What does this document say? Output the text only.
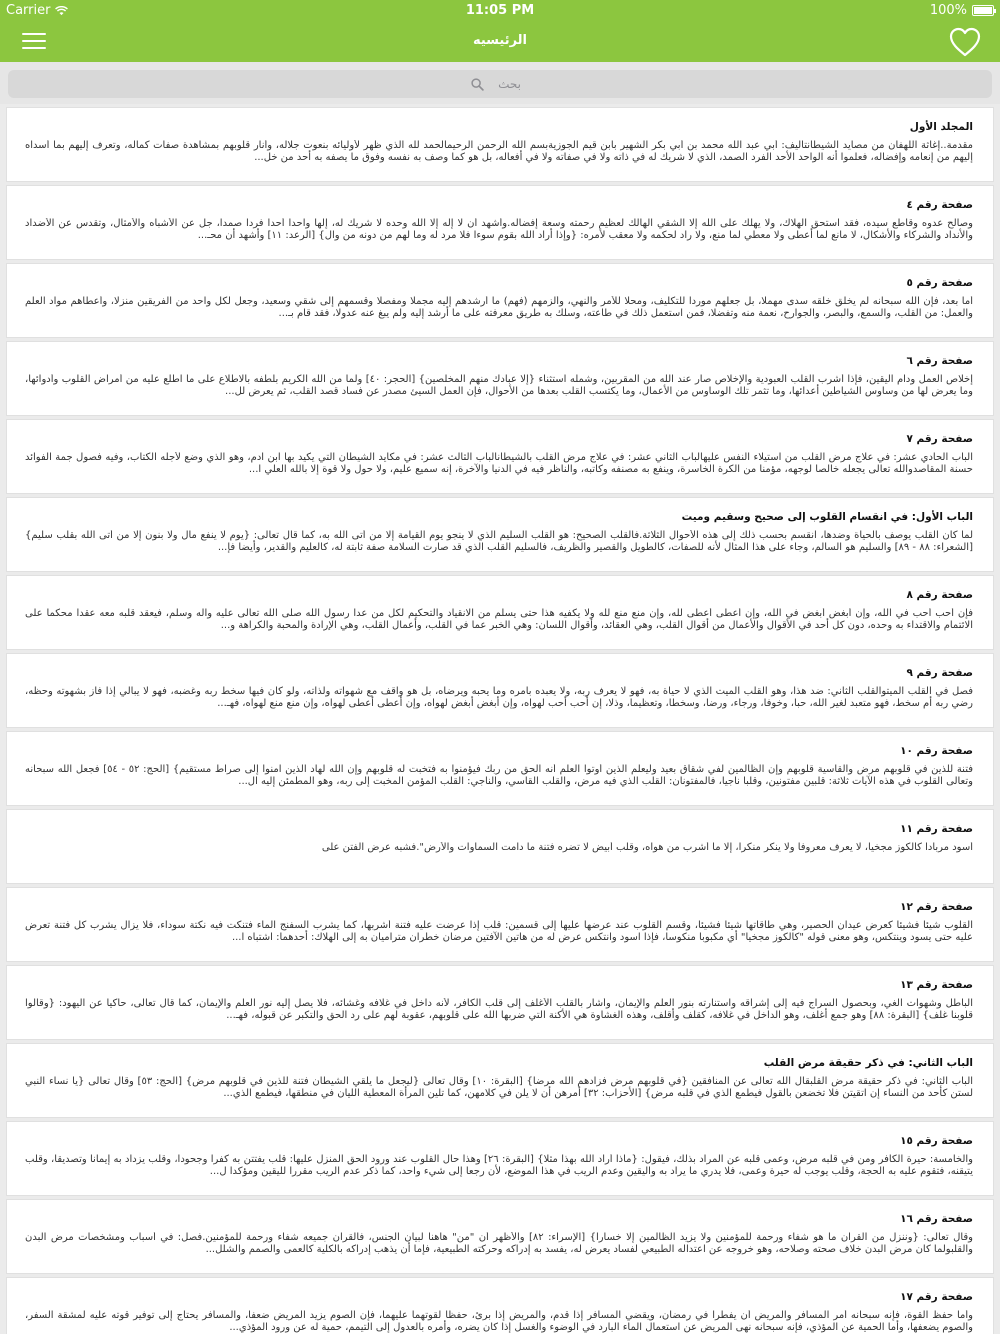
Carrier	11:05 PM	100%
الرئيسيه
بحث
المجلد الأول
مقدمة..إغاثة اللهفان من مصايد الشيطانتأليف: أبي عبد الله محمد بن أبي بكر الشهير بابن قيم الجوزيةبسم الله الرحمن الرحيمالحمد لله الذي ظهر لأوليائه بنعوت جلاله، وأنار قلوبهم بمشاهدة صفات كماله، وتعرف إليهم بما أسداه إليهم من إنعامه وإفضاله، فعلموا أنه الواحد الأحد الفرد الصمد، الذي لا شريك له في ذاته ولا في صفاته ولا في أفعاله، بل هو كما وصف به نفسه وفوق ما يصفه به أحد من خل...
صفحة رقم ٤
وصالح عدوه وقاطع سيده، فقد استحق الهلاك، ولا يهلك على الله إلا الشقي الهالك لعظيم رحمته وسعة إفضاله.وأشهد أن لا إله إلا الله وحده لا شريك له، إلها واحدا أحدا فردا صمدا، جل عن الأشباه والأمثال، وتقدس عن الأضداد والأنداد والشركاء والأشكال، لا مانع لما أعطى ولا معطي لما منع، ولا راد لحكمه ولا معقب لأمره: {وإذا أراد الله بقوم سوءا فلا مرد له وما لهم من دونه من وال} [الرعد: ١١] وأشهد أن محـ...
صفحة رقم ٥
أما بعد، فإن الله سبحانه لم يخلق خلقه سدى مهملا، بل جعلهم موردا للتكليف، ومحلا للأمر والنهي، وألزمهم (فهم) ما أرشدهم إليه مجملا ومفصلا وقسمهم إلى شقي وسعيد، وجعل لكل واحد من الفريقين منزلا، وأعطاهم مواد العلم والعمل: من القلب، والسمع، والبصر، والجوارح، نعمة منه وتفضلا، فمن استعمل ذلك في طاعته، وسلك به طريق معرفته على ما أرشد إليه ولم يبغ عنه عدولا، فقد قام بـ...
صفحة رقم ٦
إخلاص العمل ودام اليقين، فإذا أشرب القلب العبودية والإخلاص صار عند الله من المقربين، وشمله استثناء {إلا عبادك منهم المخلصين} [الحجر: ٤٠] ولما من الله الكريم بلطفه بالاطلاع على ما اطلع عليه من أمراض القلوب وأدوائها، وما يعرض لها من وساوس الشياطين أعدائها، وما تثمر تلك الوساوس من الأعمال، وما يكتسب القلب بعدها من الأحوال، فإن العمل السيئ مصدر عن فساد قصد القلب، ثم يعرض لل...
صفحة رقم ٧
الباب الحادي عشر: في علاج مرض القلب من استيلاء النفس عليهالباب الثاني عشر: في علاج مرض القلب بالشيطانالباب الثالث عشر: في مكايد الشيطان التي يكيد بها ابن آدم، وهو الذي وضع لأجله الكتاب، وفيه فصول جمة الفوائد حسنة المقاصدوالله تعالى يجعله خالصا لوجهه، مؤمنا من الكرة الخاسرة، وينفع به مصنفه وكاتبه، والناظر فيه في الدنيا والآخرة، إنه سميع عليم، ولا حول ولا قوة إلا بالله العلي ا...
الباب الأول: في انقسام القلوب إلى صحيح وسقيم وميت
لما كان القلب يوصف بالحياة وضدها، انقسم بحسب ذلك إلى هذه الأحوال الثلاثة.فالقلب الصحيح: هو القلب السليم الذي لا ينجو يوم القيامة إلا من أتى الله به، كما قال تعالى: {يوم لا ينفع مال ولا بنون إلا من أتى الله بقلب سليم} [الشعراء: ٨٨ - ٨٩] والسليم هو السالم، وجاء على هذا المثال لأنه للصفات، كالطويل والقصير والظريف، فالسليم القلب الذي قد صارت السلامة صفة ثابتة له، كالعليم والقدير، وأيضا فإ...
صفحة رقم ٨
فإن أحب أحب في الله، وإن أبغض أبغض في الله، وإن أعطى أعطى لله، وإن منع منع لله ولا يكفيه هذا حتى يسلم من الانقياد والتحكيم لكل من عدا رسول الله صلى الله تعالى عليه وآله وسلم، فيعقد قلبه معه عقدا محكما على الائتمام والاقتداء به وحده، دون كل أحد في الأقوال والأعمال من أقوال القلب، وهي العقائد، وأقوال اللسان: وهي الخبر عما في القلب، وأعمال القلب، وهي الإرادة والمحبة والكراهة و...
صفحة رقم ٩
فصل في القلب الميتوالقلب الثاني: ضد هذا، وهو القلب الميت الذي لا حياة به، فهو لا يعرف ربه، ولا يعبده بأمره وما يحبه ويرضاه، بل هو واقف مع شهواته ولذاته، ولو كان فيها سخط ربه وغضبه، فهو لا يبالي إذا فاز بشهوته وحظه، رضي ربه أم سخط، فهو متعبد لغير الله، حبا، وخوفا، ورجاء، ورضا، وسخطا، وتعظيما، وذلا، إن أحب أحب لهواه، وإن أبغض أبغض لهواه، وإن أعطى أعطى لهواه، وإن منع منع لهواه، فهـ...
صفحة رقم ١٠
فتنة للذين في قلوبهم مرض والقاسية قلوبهم وإن الظالمين لفي شقاق بعيد وليعلم الذين أوتوا العلم أنه الحق من ربك فيؤمنوا به فتخبت له قلوبهم وإن الله لهاد الذين آمنوا إلى صراط مستقيم} [الحج: ٥٢ - ٥٤] فجعل الله سبحانه وتعالى القلوب في هذه الآيات ثلاثة: قلبين مفتونين، وقلبا ناجيا، فالمفتونان: القلب الذي فيه مرض، والقلب القاسي، والناجي: القلب المؤمن المخبت إلى ربه، وهو المطمئن إليه ال...
صفحة رقم ١١
أسود مربادا كالكوز مجخيا، لا يعرف معروفا ولا ينكر منكرا، إلا ما أشرب من هواه، وقلب أبيض لا تضره فتنة ما دامت السماوات والأرض".فشبه عرض الفتن على
صفحة رقم ١٢
القلوب شيئا فشيئا كعرض عيدان الحصير، وهي طاقاتها شيئا فشيئا، وقسم القلوب عند عرضها عليها إلى قسمين: قلب إذا عرضت عليه فتنة أشربها، كما يشرب السفنج الماء فتنكت فيه نكتة سوداء، فلا يزال يشرب كل فتنة تعرض عليه حتى يسود وينتكس، وهو معنى قوله "كالكوز مجخيا" أي مكبوبا منكوسا، فإذا اسود وانتكس عرض له من هاتين الآفتين مرضان خطران متراميان به إلى الهلاك: أحدهما: اشتباه ا...
صفحة رقم ١٣
الباطل وشهوات الغي، وبحصول السراج فيه إلى إشراقه واستنارته بنور العلم والإيمان، وأشار بالقلب الأغلف إلى قلب الكافر، لأنه داخل في غلافه وغشائه، فلا يصل إليه نور العلم والإيمان، كما قال تعالى، حاكيا عن اليهود: {وقالوا قلوبنا غلف} [البقرة: ٨٨] وهو جمع أغلف، وهو الداخل في غلافه، كقلف وأقلف، وهذه الغشاوة هي الأكنة التي ضربها الله على قلوبهم، عقوبة لهم على رد الحق والتكبر عن قبوله، فهـ...
الباب الثاني: في ذكر حقيقة مرض القلب
الباب الثاني: في ذكر حقيقة مرض القلبقال الله تعالى عن المنافقين {في قلوبهم مرض فزادهم الله مرضا} [البقرة: ١٠] وقال تعالى {ليجعل ما يلقي الشيطان فتنة للذين في قلوبهم مرض} [الحج: ٥٣] وقال تعالى {يا نساء النبي لستن كأحد من النساء إن اتقيتن فلا تخضعن بالقول فيطمع الذي في قلبه مرض} [الأحزاب: ٣٢] أمرهن أن لا يلن في كلامهن، كما تلين المرأة المعطية الليان في منطقها، فيطمع الذي...
صفحة رقم ١٥
والخامسة: حيرة الكافر ومن في قلبه مرض، وعمى قلبه عن المراد بذلك، فيقول: {ماذا أراد الله بهذا مثلا} [البقرة: ٢٦] وهذا حال القلوب عند ورود الحق المنزل عليها: قلب يفتتن به كفرا وجحودا، وقلب يزداد به إيمانا وتصديقا، وقلب يتيقنه، فتقوم عليه به الحجة، وقلب يوجب له حيرة وعمى، فلا يدري ما يراد به واليقين وعدم الريب في هذا الموضع، لأن رجعا إلى شيء واحد، كما ذكر عدم الريب مقررا لليقين ومؤكدا ل...
صفحة رقم ١٦
وقال تعالى: {وننزل من القرآن ما هو شفاء ورحمة للمؤمنين ولا يزيد الظالمين إلا خسارا} [الإسراء: ٨٢] والأظهر أن "من" هاهنا لبيان الجنس، فالقرآن جميعه شفاء ورحمة للمؤمنين.فصل: في أسباب ومشخصات مرض البدن والقلبولما كان مرض البدن خلاف صحته وصلاحه، وهو خروجه عن اعتداله الطبيعي لفساد يعرض له، يفسد به إدراكه وحركته الطبيعية، فإما أن يذهب إدراكه بالكلية كالعمى والصمم والشلل...
صفحة رقم ١٧
وأما حفظ القوة، فإنه سبحانه أمر المسافر والمريض أن يفطرا في رمضان، ويقضي المسافر إذا قدم، والمريض إذا برئ، حفظا لقوتهما عليهما، فإن الصوم يزيد المريض ضعفا، والمسافر يحتاج إلى توفير قوته عليه لمشقة السفر، والصوم يضعفها، وأما الحمية عن المؤذي، فإنه سبحانه نهى المريض عن استعمال الماء البارد في الوضوء والغسل إذا كان يضره، وأمره بالعدول إلى التيمم، حمية له عن ورود المؤذي...
